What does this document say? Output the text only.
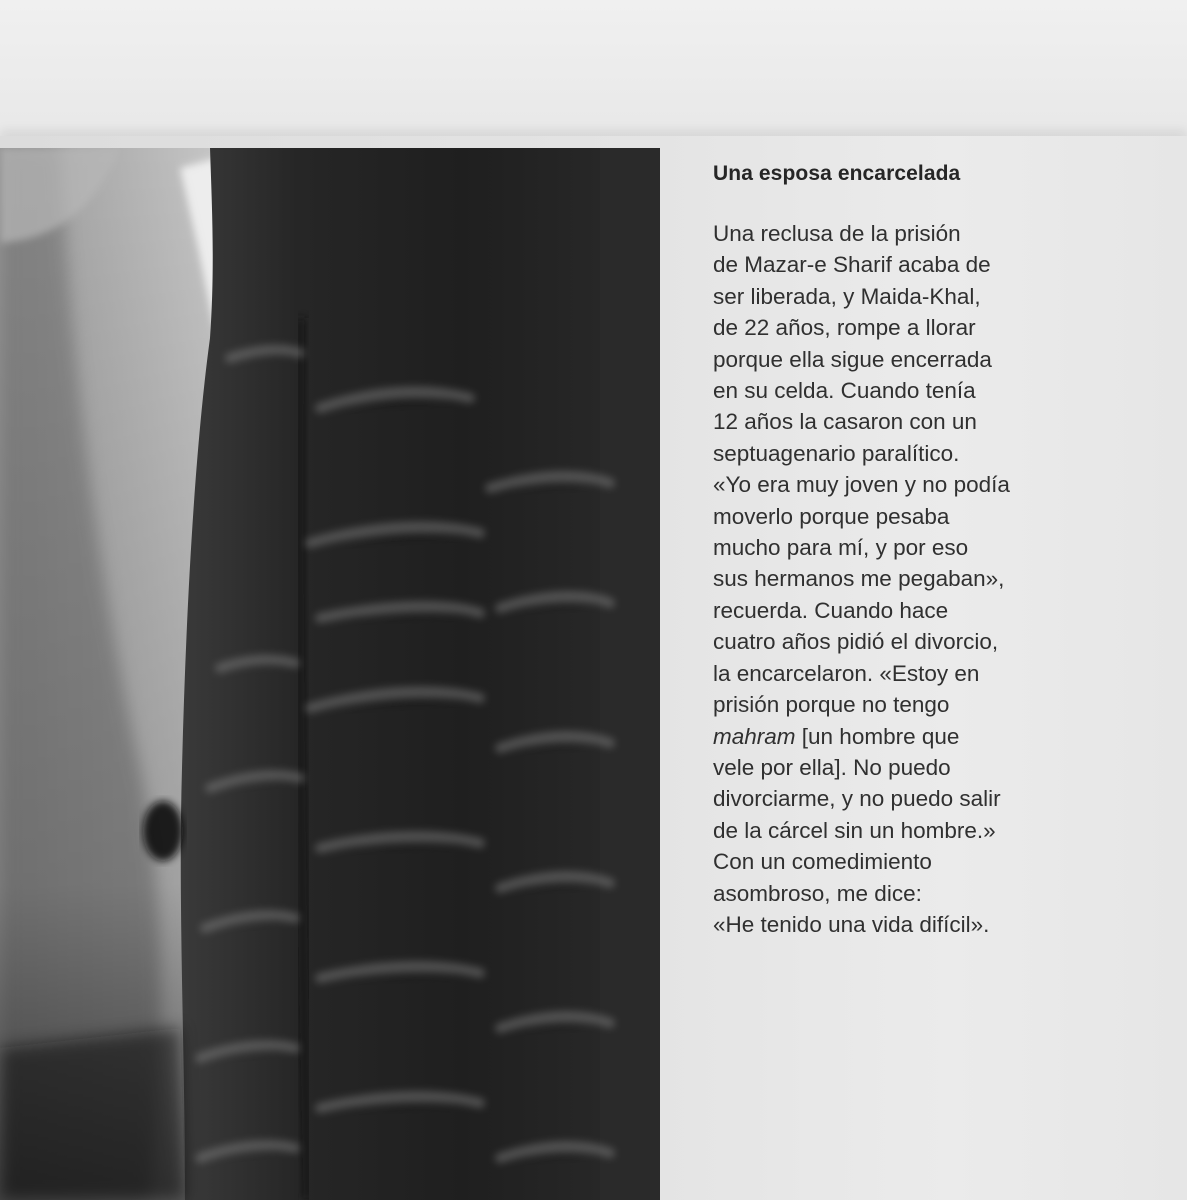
Una esposa encarcelada

Una reclusa de la prisión
de Mazar-e Sharif acaba de
ser liberada, y Maida-Khal,
de 22 años, rompe a llorar
porque ella sigue encerrada
en su celda. Cuando tenía
12 años la casaron con un
septuagenario paralítico.
«Yo era muy joven y no podía
moverlo porque pesaba
mucho para mí, y por eso
sus hermanos me pegaban»,
recuerda. Cuando hace
cuatro años pidió el divorcio,
la encarcelaron. «Estoy en
prisión porque no tengo
mahram [un hombre que
vele por ella]. No puedo
divorciarme, y no puedo salir
de la cárcel sin un hombre.»
Con un comedimiento
asombroso, me dice:
«He tenido una vida difícil».
